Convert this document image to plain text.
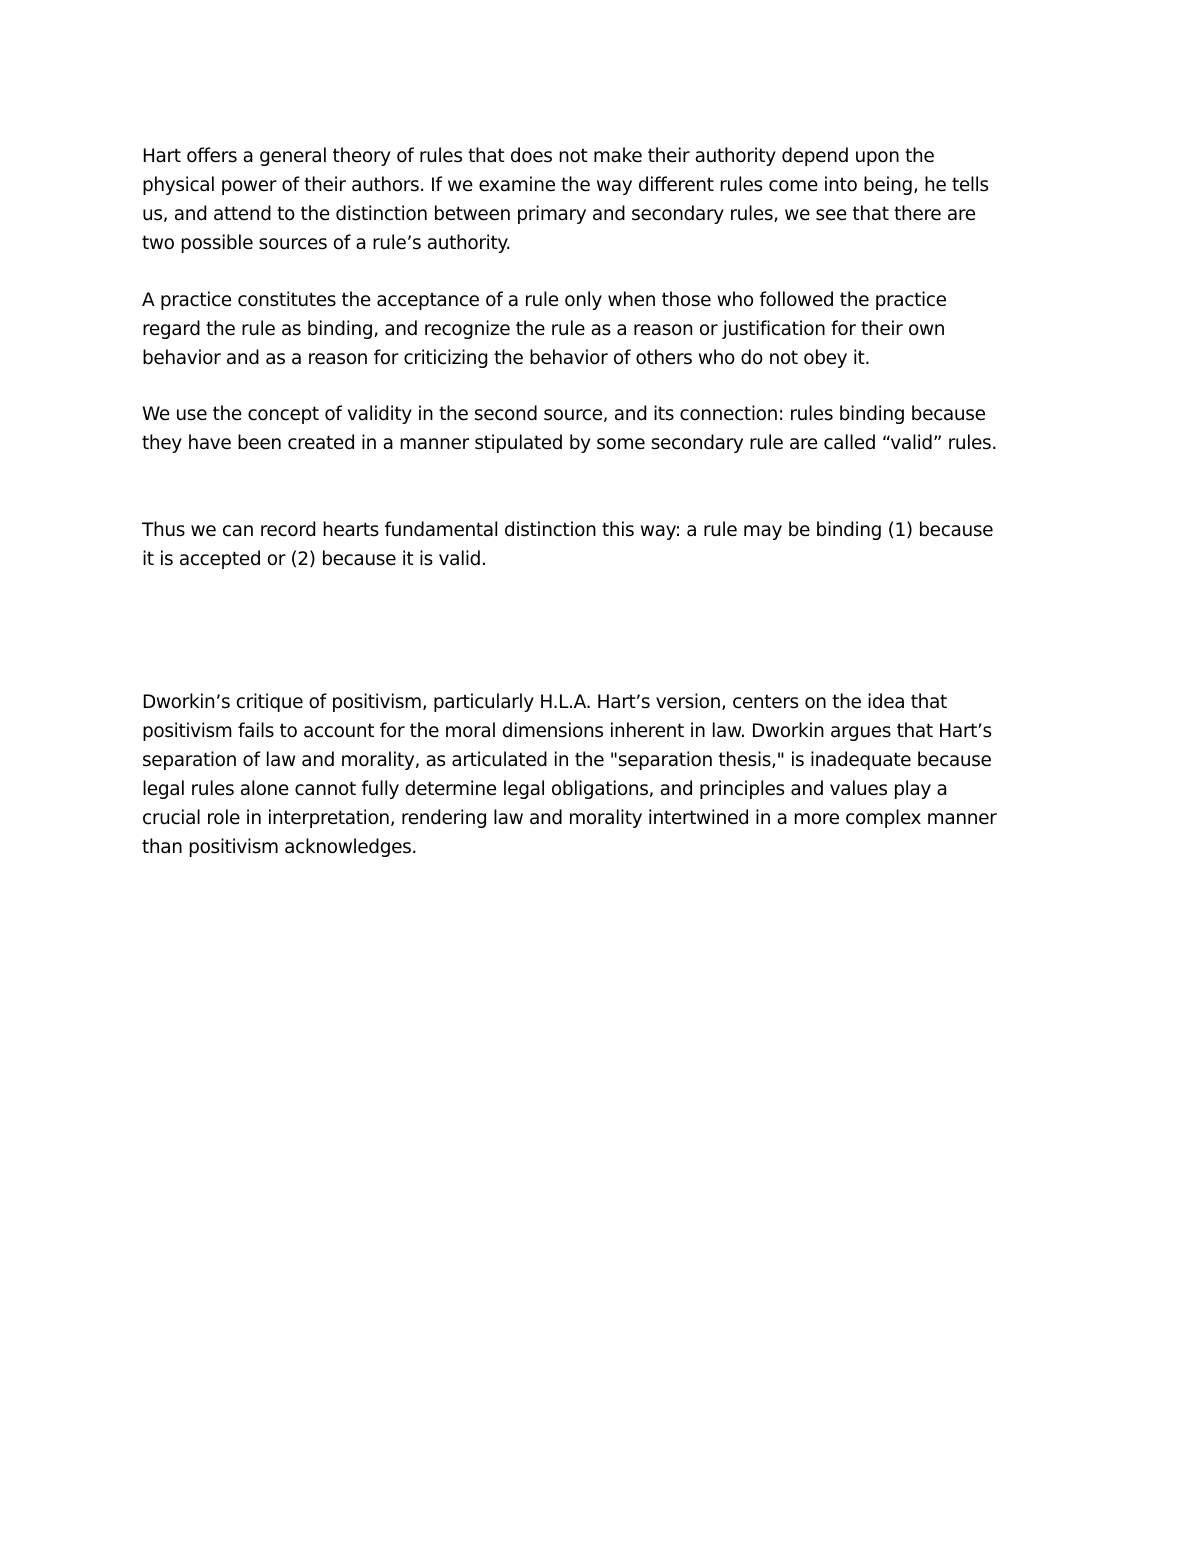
Hart offers a general theory of rules that does not make their authority depend upon the
physical power of their authors. If we examine the way different rules come into being, he tells
us, and attend to the distinction between primary and secondary rules, we see that there are
two possible sources of a rule’s authority.

A practice constitutes the acceptance of a rule only when those who followed the practice
regard the rule as binding, and recognize the rule as a reason or justification for their own
behavior and as a reason for criticizing the behavior of others who do not obey it.

We use the concept of validity in the second source, and its connection: rules binding because
they have been created in a manner stipulated by some secondary rule are called “valid” rules.

Thus we can record hearts fundamental distinction this way: a rule may be binding (1) because
it is accepted or (2) because it is valid.

Dworkin’s critique of positivism, particularly H.L.A. Hart’s version, centers on the idea that
positivism fails to account for the moral dimensions inherent in law. Dworkin argues that Hart’s
separation of law and morality, as articulated in the "separation thesis," is inadequate because
legal rules alone cannot fully determine legal obligations, and principles and values play a
crucial role in interpretation, rendering law and morality intertwined in a more complex manner
than positivism acknowledges.
